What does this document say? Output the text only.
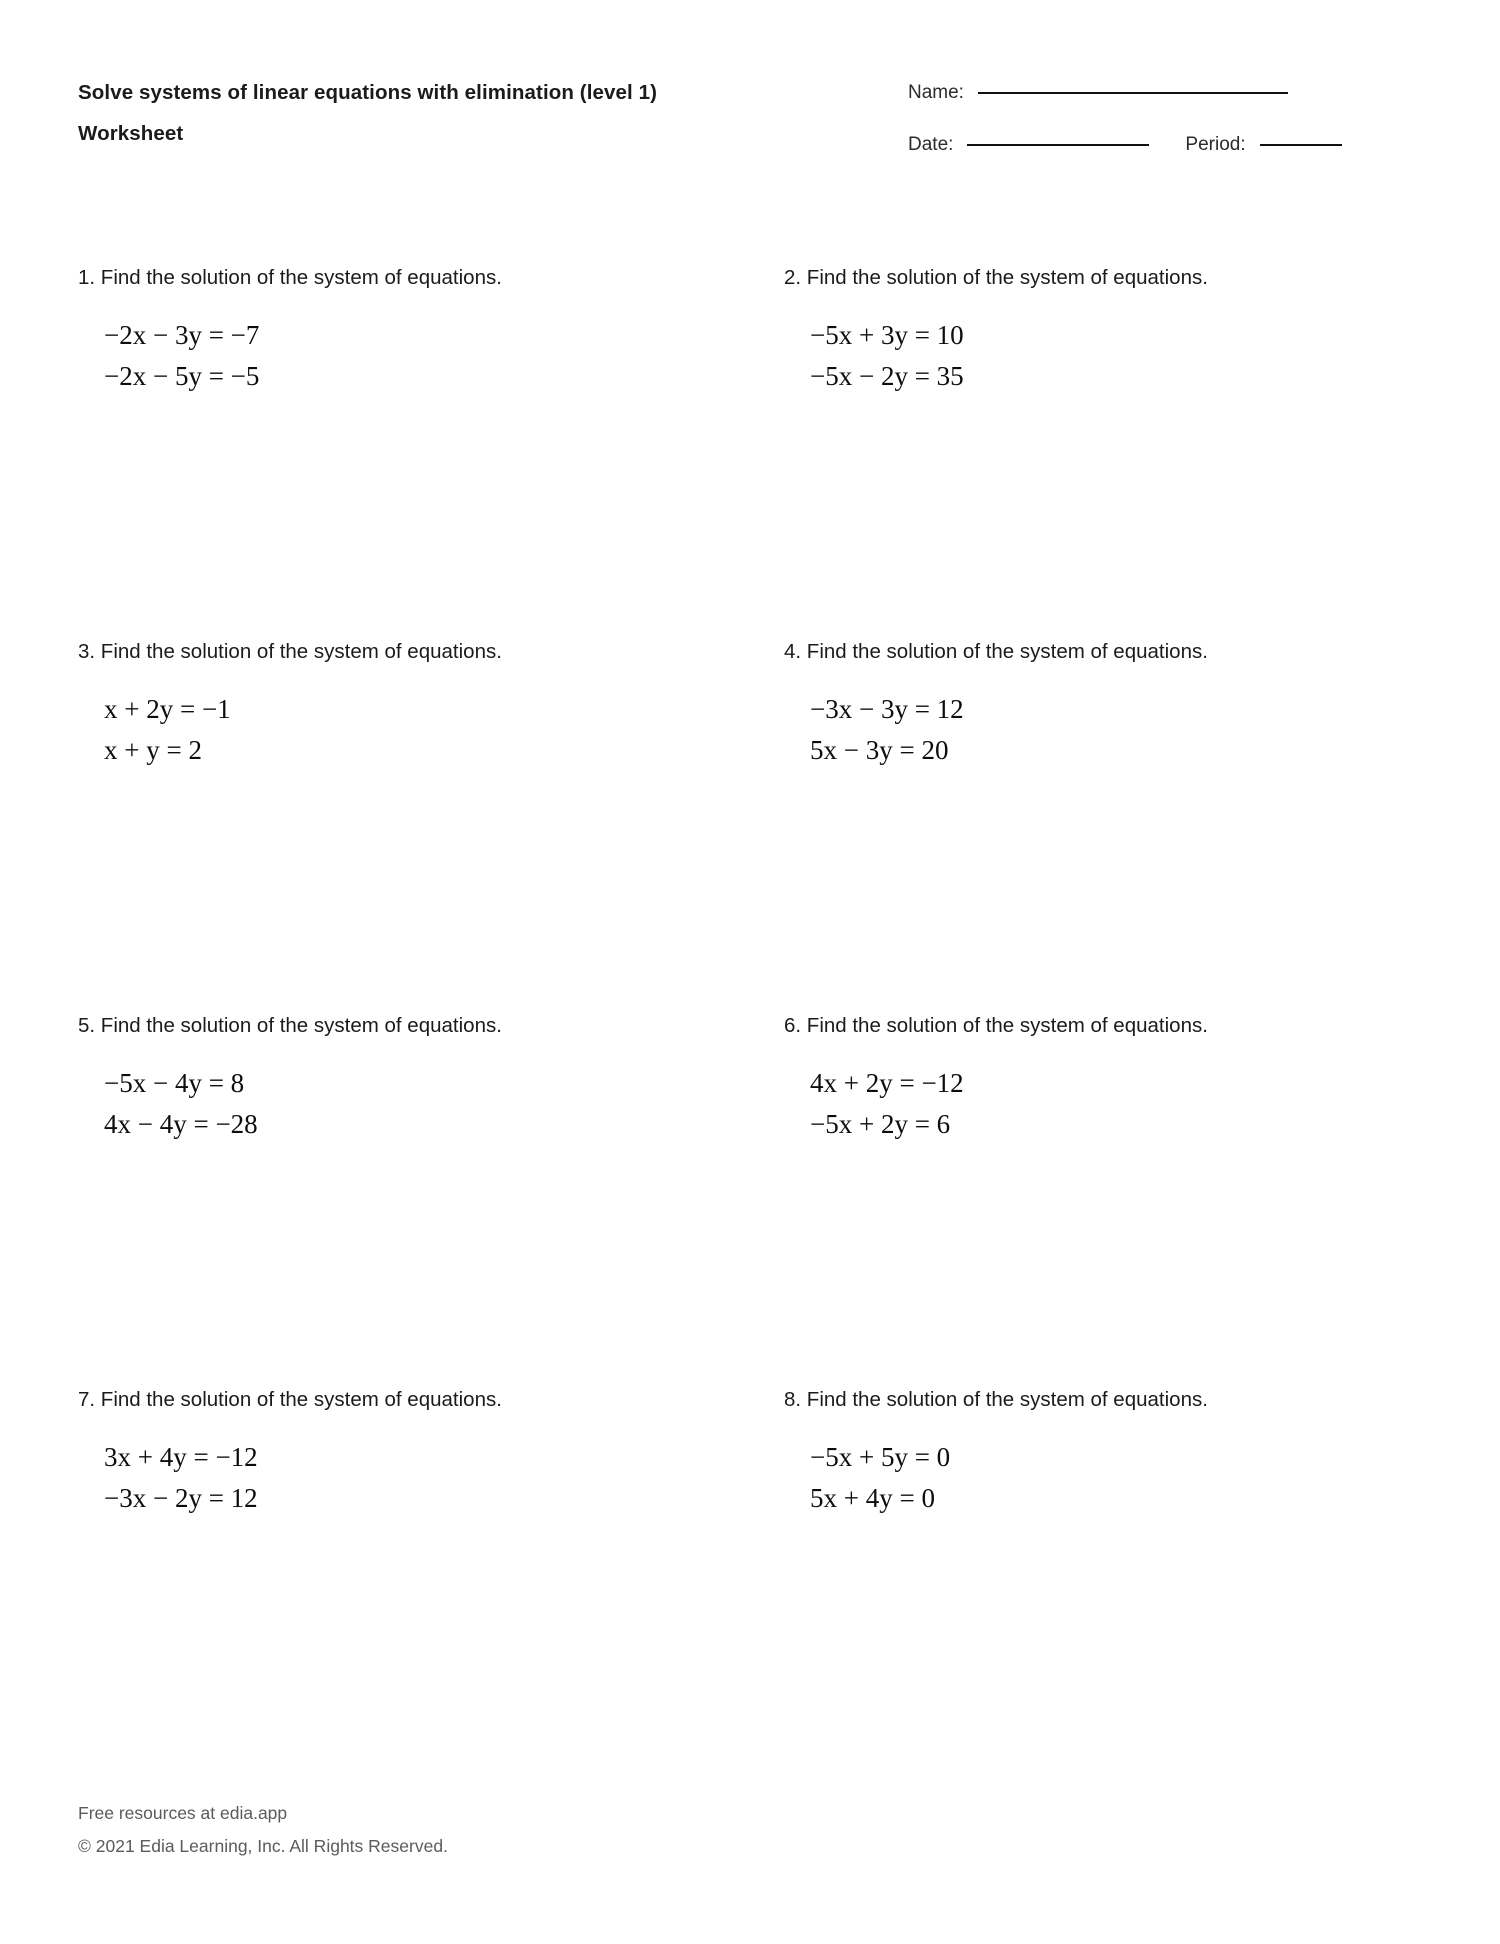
Solve systems of linear equations with elimination (level 1)
Worksheet
Name:
Date:	Period:
1. Find the solution of the system of equations.
−2x − 3y = −7
−2x − 5y = −5
2. Find the solution of the system of equations.
−5x + 3y = 10
−5x − 2y = 35
3. Find the solution of the system of equations.
x + 2y = −1
x + y = 2
4. Find the solution of the system of equations.
−3x − 3y = 12
5x − 3y = 20
5. Find the solution of the system of equations.
−5x − 4y = 8
4x − 4y = −28
6. Find the solution of the system of equations.
4x + 2y = −12
−5x + 2y = 6
7. Find the solution of the system of equations.
3x + 4y = −12
−3x − 2y = 12
8. Find the solution of the system of equations.
−5x + 5y = 0
5x + 4y = 0
Free resources at edia.app
© 2021 Edia Learning, Inc. All Rights Reserved.
